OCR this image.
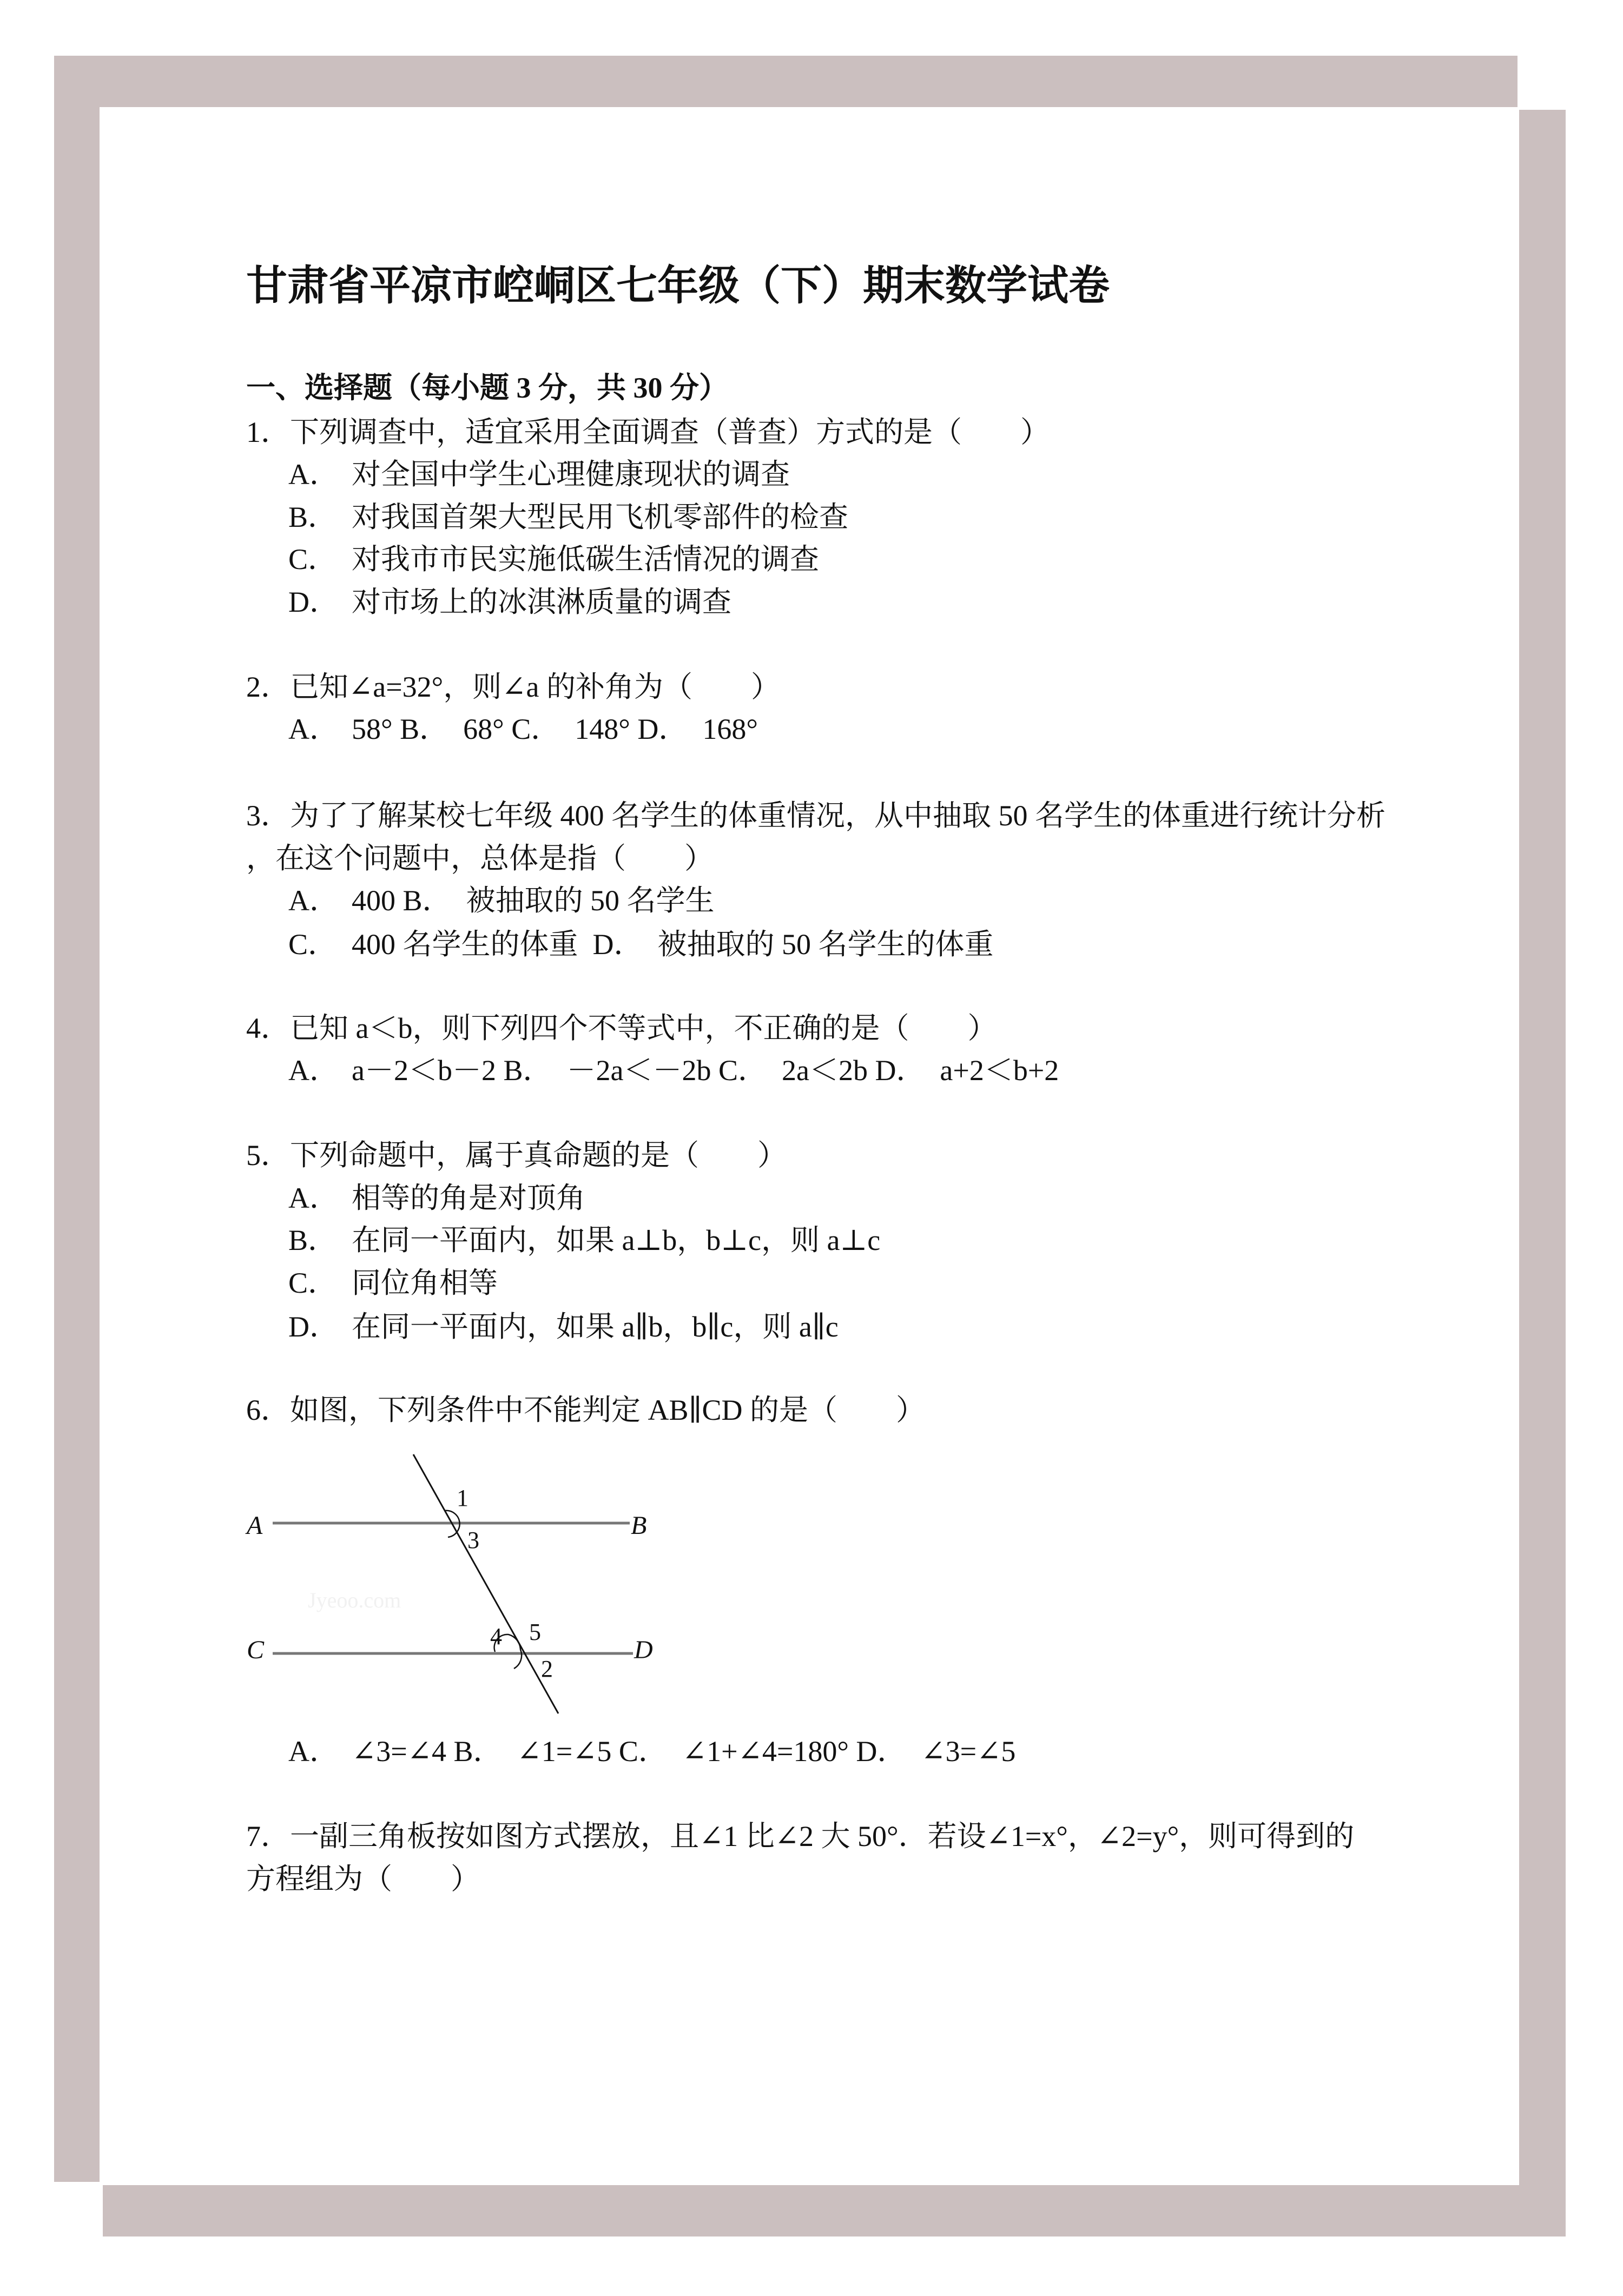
甘肃省平凉市崆峒区七年级（下）期末数学试卷
一、选择题（每小题 3 分，共 30 分）
1．下列调查中，适宜采用全面调查（普查）方式的是（　　）
A． 对全国中学生心理健康现状的调查
B． 对我国首架大型民用飞机零部件的检查
C． 对我市市民实施低碳生活情况的调查
D． 对市场上的冰淇淋质量的调查
2．已知∠a=32°，则∠a 的补角为（　　）
A． 58° B．　68° C．　148° D．　168°
3．为了了解某校七年级 400 名学生的体重情况，从中抽取 50 名学生的体重进行统计分析
，在这个问题中，总体是指（　　）
A． 400 B．　被抽取的 50 名学生
C． 400 名学生的体重  D．　被抽取的 50 名学生的体重
4．已知 a＜b，则下列四个不等式中，不正确的是（　　）
A． a－2＜b－2 B．　－2a＜－2b C．　2a＜2b D．　a+2＜b+2
5．下列命题中，属于真命题的是（　　）
A． 相等的角是对顶角
B． 在同一平面内，如果 a⊥b，b⊥c，则 a⊥c
C． 同位角相等
D． 在同一平面内，如果 a∥b，b∥c，则 a∥c
6．如图，下列条件中不能判定 AB∥CD 的是（　　）
Jyeoo.com
A	B
C	D
1
3
4 5
2
A． ∠3=∠4 B．　∠1=∠5 C．　∠1+∠4=180° D．　∠3=∠5
7．一副三角板按如图方式摆放，且∠1 比∠2 大 50°．若设∠1=x°，∠2=y°，则可得到的
方程组为（　　）
